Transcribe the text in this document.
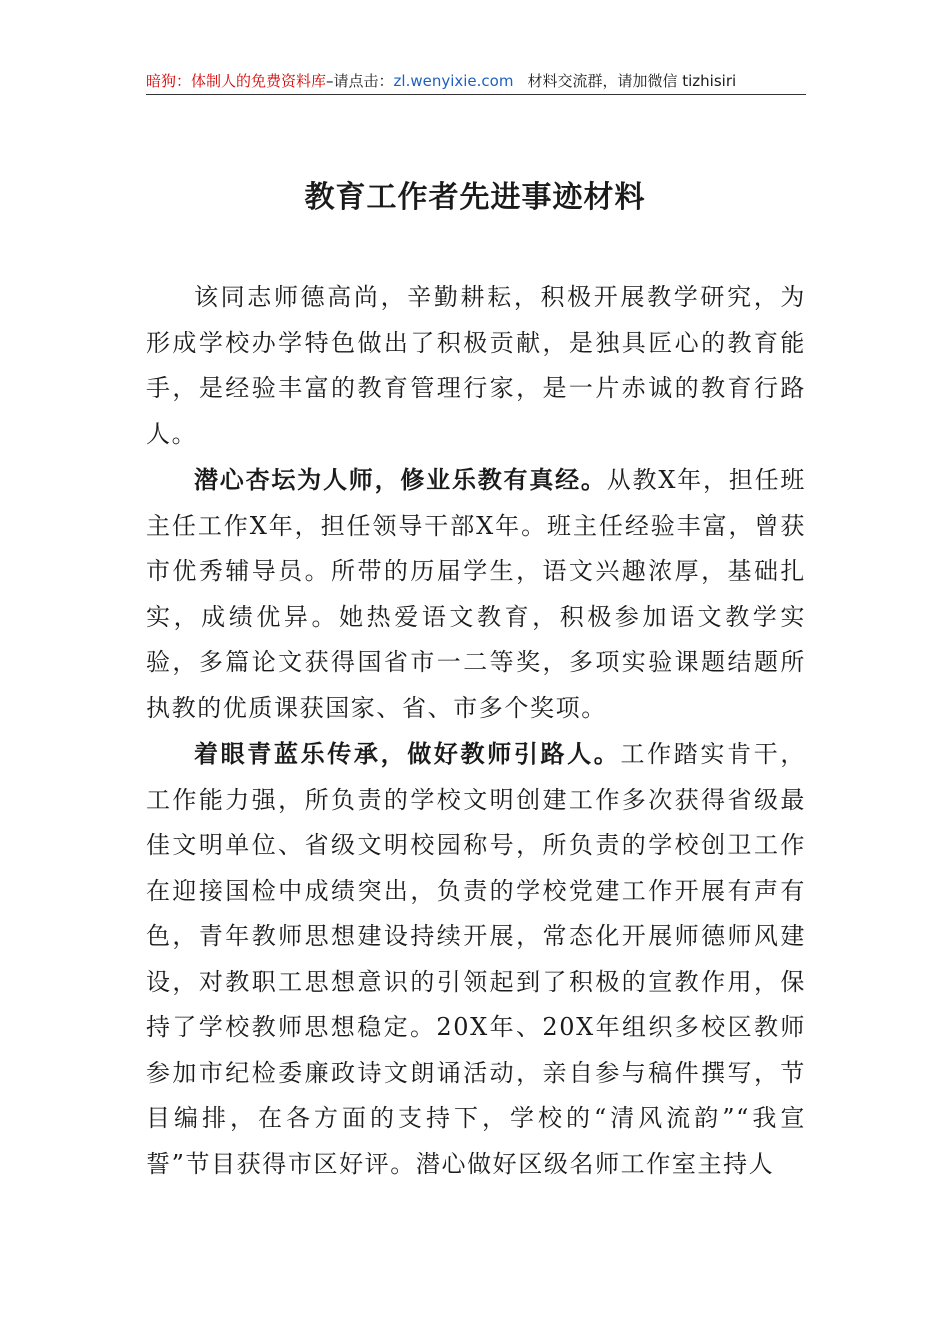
暗狗：体制人的免费资料库–请点击：zl.wenyixie.com 材料交流群，请加微信 tizhisiri
教育工作者先进事迹材料

该同志师德高尚，辛勤耕耘，积极开展教学研究，为形成学校办学特色做出了积极贡献，是独具匠心的教育能手，是经验丰富的教育管理行家，是一片赤诚的教育行路人。

潜心杏坛为人师，修业乐教有真经。从教X年，担任班主任工作X年，担任领导干部X年。班主任经验丰富，曾获市优秀辅导员。所带的历届学生，语文兴趣浓厚，基础扎实，成绩优异。她热爱语文教育，积极参加语文教学实验，多篇论文获得国省市一二等奖，多项实验课题结题所执教的优质课获国家、省、市多个奖项。

着眼青蓝乐传承，做好教师引路人。工作踏实肯干，工作能力强，所负责的学校文明创建工作多次获得省级最佳文明单位、省级文明校园称号，所负责的学校创卫工作在迎接国检中成绩突出，负责的学校党建工作开展有声有色，青年教师思想建设持续开展，常态化开展师德师风建设，对教职工思想意识的引领起到了积极的宣教作用，保持了学校教师思想稳定。20X年、20X年组织多校区教师参加市纪检委廉政诗文朗诵活动，亲自参与稿件撰写，节目编排，在各方面的支持下，学校的“清风流韵”“我宣誓”节目获得市区好评。潜心做好区级名师工作室主持人
